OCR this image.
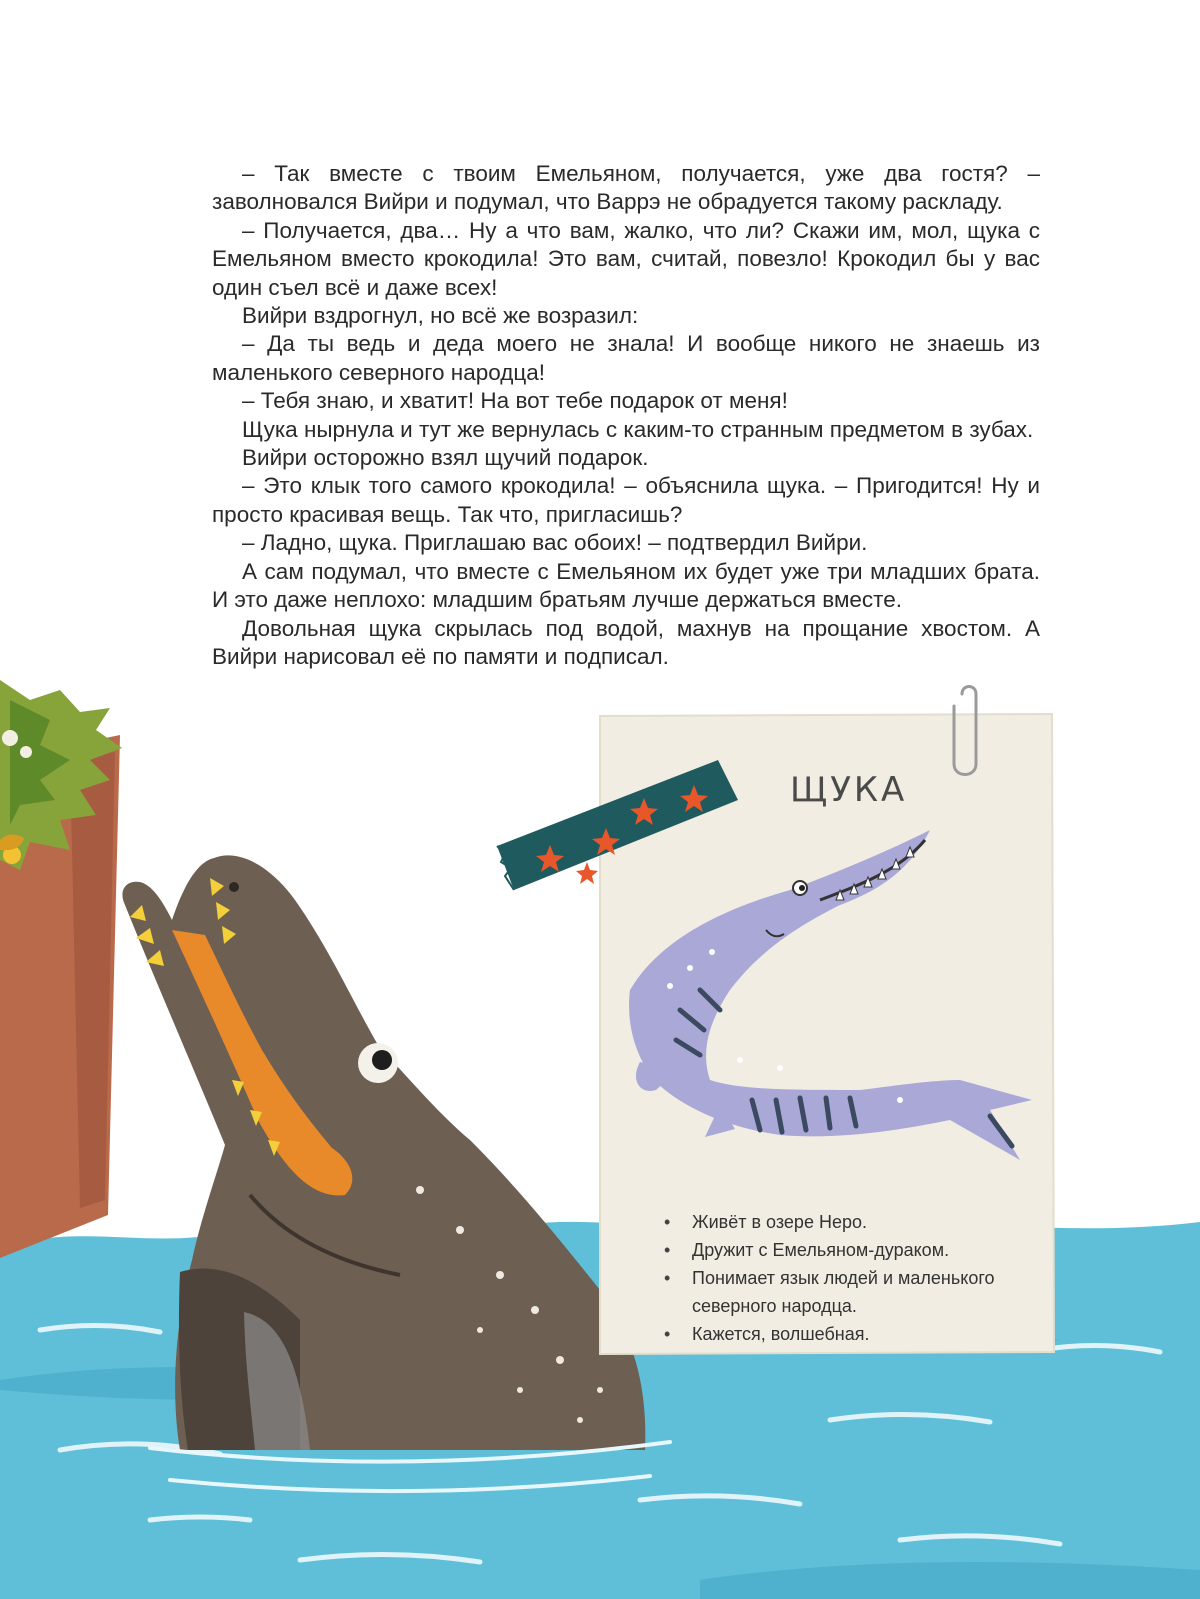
– Так вместе с твоим Емельяном, получается, уже два гостя? – заволновался Вийри и подумал, что Варрэ не обрадуется такому раскладу.

– Получается, два… Ну а что вам, жалко, что ли? Скажи им, мол, щука с Емельяном вместо крокодила! Это вам, считай, повезло! Крокодил бы у вас один съел всё и даже всех!

Вийри вздрогнул, но всё же возразил:

– Да ты ведь и деда моего не знала! И вообще никого не знаешь из маленького северного народца!

– Тебя знаю, и хватит! На вот тебе подарок от меня!

Щука нырнула и тут же вернулась с каким-то странным предметом в зубах.

Вийри осторожно взял щучий подарок.

– Это клык того самого крокодила! – объяснила щука. – Пригодится! Ну и просто красивая вещь. Так что, пригласишь?

– Ладно, щука. Приглашаю вас обоих! – подтвердил Вийри.

А сам подумал, что вместе с Емельяном их будет уже три младших брата. И это даже неплохо: младшим братьям лучше держаться вместе.

Довольная щука скрылась под водой, махнув на прощание хвостом. А Вийри нарисовал её по памяти и подписал.

ЩУКА
• Живёт в озере Неро.
• Дружит с Емельяном-дураком.
• Понимает язык людей и маленького северного народца.
• Кажется, волшебная.
